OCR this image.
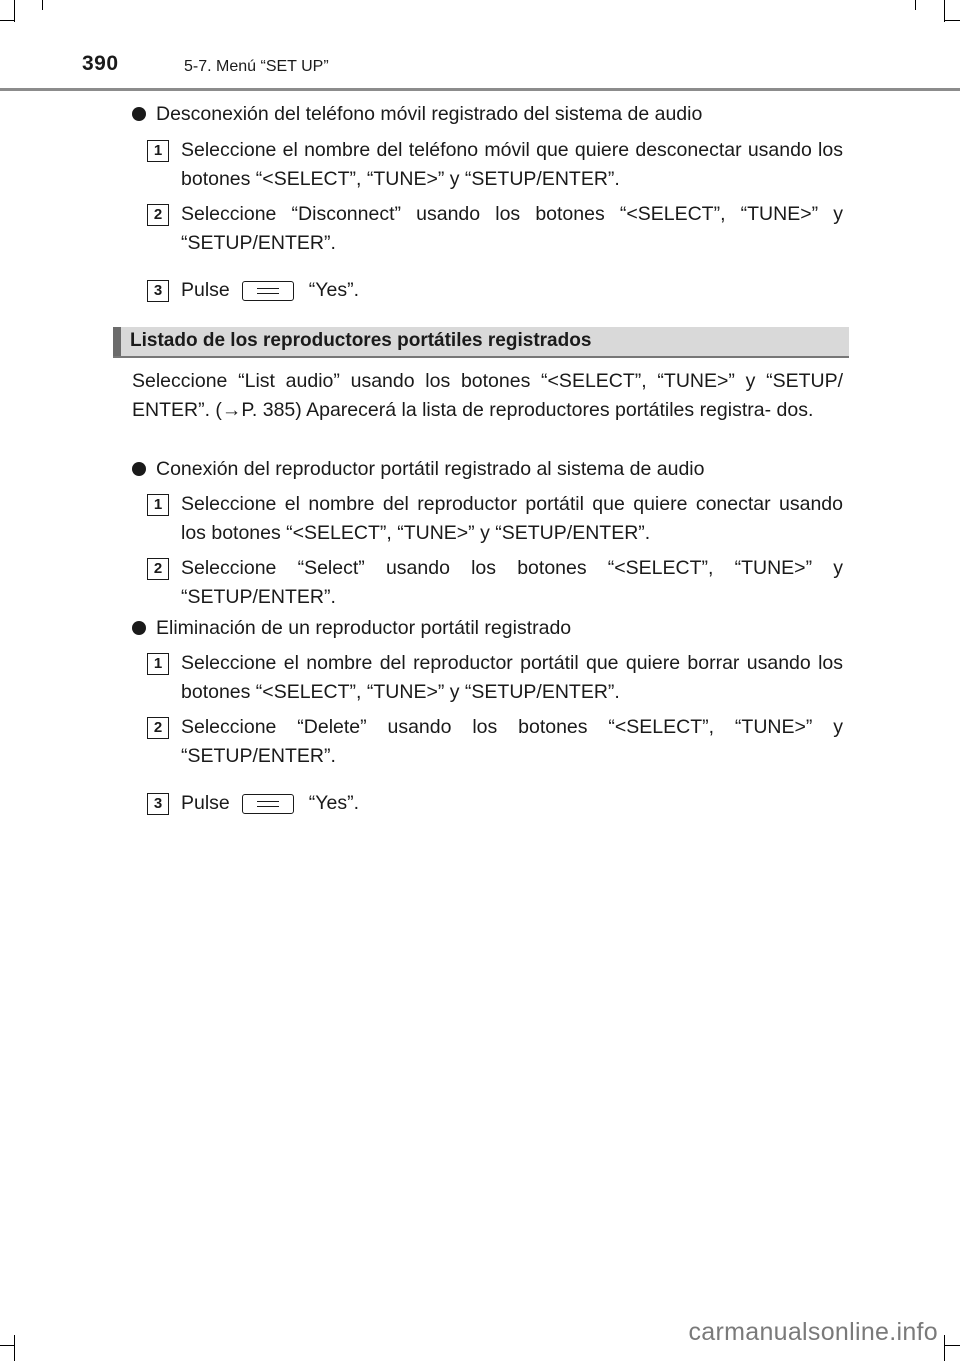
390	5-7. Menú “SET UP”
Desconexión del teléfono móvil registrado del sistema de audio
1 Seleccione el nombre del teléfono móvil que quiere desconectar usando los botones “<SELECT”, “TUNE>” y “SETUP/ENTER”.
2 Seleccione “Disconnect” usando los botones “<SELECT”, “TUNE>” y “SETUP/ENTER”.
3 Pulse	“Yes”.
Listado de los reproductores portátiles registrados
Seleccione “List audio” usando los botones “<SELECT”, “TUNE>” y “SETUP/ ENTER”. (→P. 385) Aparecerá la lista de reproductores portátiles registra- dos.
Conexión del reproductor portátil registrado al sistema de audio
1 Seleccione el nombre del reproductor portátil que quiere conectar usando los botones “<SELECT”, “TUNE>” y “SETUP/ENTER”.
2 Seleccione “Select” usando los botones “<SELECT”, “TUNE>” y “SETUP/ENTER”.
Eliminación de un reproductor portátil registrado
1 Seleccione el nombre del reproductor portátil que quiere borrar usando los botones “<SELECT”, “TUNE>” y “SETUP/ENTER”.
2 Seleccione “Delete” usando los botones “<SELECT”, “TUNE>” y “SETUP/ENTER”.
3 Pulse	“Yes”.
carmanualsonline.info
